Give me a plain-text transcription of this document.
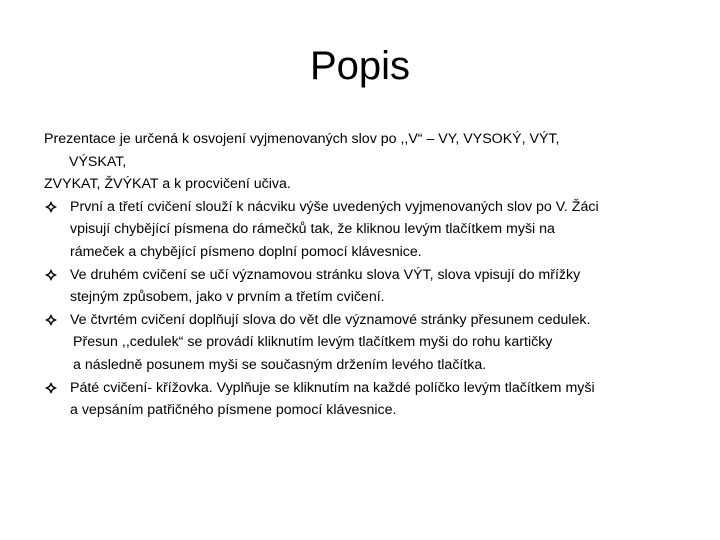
Popis
Prezentace je určená k osvojení vyjmenovaných slov po ,,V“ – VY, VYSOKÝ, VÝT,
VÝSKAT,
ZVYKAT, ŽVÝKAT a k procvičení učiva.
První a třetí cvičení slouží k nácviku výše uvedených vyjmenovaných slov po V. Žáci
vpisují chybějící písmena do rámečků tak, že kliknou levým tlačítkem myši na
rámeček a chybějící písmeno doplní pomocí klávesnice.
Ve druhém cvičení se učí významovou stránku slova VÝT, slova vpisují do mřížky
stejným způsobem, jako v prvním a třetím cvičení.
Ve čtvrtém cvičení doplňují slova do vět dle významové stránky přesunem cedulek.
Přesun ,,cedulek“ se provádí kliknutím levým tlačítkem myši do rohu kartičky
a následně posunem myši se současným držením levého tlačítka.
Páté cvičení- křížovka. Vyplňuje se kliknutím na každé políčko levým tlačítkem myši
a vepsáním patřičného písmene pomocí klávesnice.
